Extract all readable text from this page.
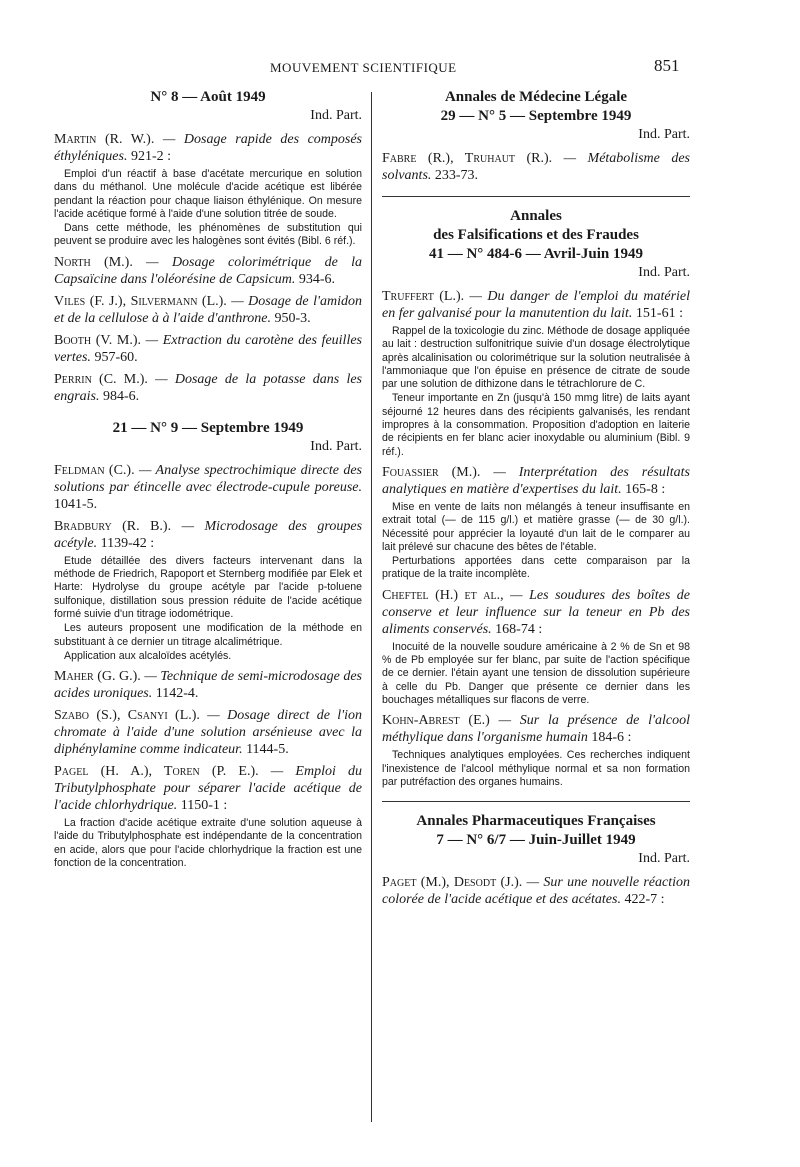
MOUVEMENT SCIENTIFIQUE	851
N° 8 — Août 1949
Ind. Part.
Martin (R. W.). — Dosage rapide des composés éthyléniques. 921-2 :

Emploi d'un réactif à base d'acétate mercurique en solution dans du méthanol. Une molécule d'acide acétique est libérée pendant la réaction pour chaque liaison éthylénique. On mesure l'acide acétique formé à l'aide d'une solution titrée de soude.

Dans cette méthode, les phénomènes de substitution qui peuvent se produire avec les halogènes sont évités (Bibl. 6 réf.).

North (M.). — Dosage colorimétrique de la Capsaïcine dans l'oléorésine de Capsicum. 934-6.
Viles (F. J.), Silvermann (L.). — Dosage de l'amidon et de la cellulose à à l'aide d'anthrone. 950-3.
Booth (V. M.). — Extraction du carotène des feuilles vertes. 957-60.
Perrin (C. M.). — Dosage de la potasse dans les engrais. 984-6.
21 — N° 9 — Septembre 1949
Ind. Part.
Feldman (C.). — Analyse spectrochimique directe des solutions par étincelle avec électrode-cupule poreuse. 1041-5.
Bradbury (R. B.). — Microdosage des groupes acétyle. 1139-42 :

Etude détaillée des divers facteurs intervenant dans la méthode de Friedrich, Rapoport et Sternberg modifiée par Elek et Harte: Hydrolyse du groupe acétyle par l'acide p-toluene sulfonique, distillation sous pression réduite de l'acide acétique formé suivie d'un titrage iodométrique.

Les auteurs proposent une modification de la méthode en substituant à ce dernier un titrage alcalimétrique.

Application aux alcaloïdes acétylés.

Maher (G. G.). — Technique de semi-microdosage des acides uroniques. 1142-4.
Szabo (S.), Csanyi (L.). — Dosage direct de l'ion chromate à l'aide d'une solution arsénieuse avec la diphénylamine comme indicateur. 1144-5.
Pagel (H. A.), Toren (P. E.). — Emploi du Tributylphosphate pour séparer l'acide acétique de l'acide chlorhydrique. 1150-1 :

La fraction d'acide acétique extraite d'une solution aqueuse à l'aide du Tributylphosphate est indépendante de la concentration en acide, alors que pour l'acide chlorhydrique la fraction est une fonction de la concentration.

Annales de Médecine Légale
29 — N° 5 — Septembre 1949
Ind. Part.
Fabre (R.), Truhaut (R.). — Métabolisme des solvants. 233-73.
Annales
des Falsifications et des Fraudes
41 — N° 484-6 — Avril-Juin 1949
Ind. Part.
Truffert (L.). — Du danger de l'emploi du matériel en fer galvanisé pour la manutention du lait. 151-61 :

Rappel de la toxicologie du zinc. Méthode de dosage appliquée au lait : destruction sulfonitrique suivie d'un dosage électrolytique après alcalinisation ou colorimétrique sur la solution neutralisée à l'ammoniaque que l'on épuise en présence de citrate de soude par une solution de dithizone dans le tétrachlorure de C.

Teneur importante en Zn (jusqu'à 150 mmg litre) de laits ayant séjourné 12 heures dans des récipients galvanisés, les rendant impropres à la consommation. Proposition d'adoption en laiterie de récipients en fer blanc acier inoxydable ou aluminium (Bibl. 9 réf.).

Fouassier (M.). — Interprétation des résultats analytiques en matière d'expertises du lait. 165-8 :

Mise en vente de laits non mélangés à teneur insuffisante en extrait total (— de 115 g/l.) et matière grasse (— de 30 g/l.). Nécessité pour apprécier la loyauté d'un lait de le comparer au lait prélevé sur chacune des bêtes de l'étable.

Perturbations apportées dans cette comparaison par la pratique de la traite incomplète.

Cheftel (H.) et al., — Les soudures des boîtes de conserve et leur influence sur la teneur en Pb des aliments conservés. 168-74 :

Inocuité de la nouvelle soudure américaine à 2 % de Sn et 98 % de Pb employée sur fer blanc, par suite de l'action spécifique de ce dernier. l'étain ayant une tension de dissolution supérieure à celle du Pb. Danger que présente ce dernier dans les bouchages métalliques sur flacons de verre.

Kohn-Abrest (E.) — Sur la présence de l'alcool méthylique dans l'organisme humain 184-6 :

Techniques analytiques employées. Ces recherches indiquent l'inexistence de l'alcool méthylique normal et sa non formation par putréfaction des organes humains.

Annales Pharmaceutiques Françaises
7 — N° 6/7 — Juin-Juillet 1949
Ind. Part.
Paget (M.), Desodt (J.). — Sur une nouvelle réaction colorée de l'acide acétique et des acétates. 422-7 :
